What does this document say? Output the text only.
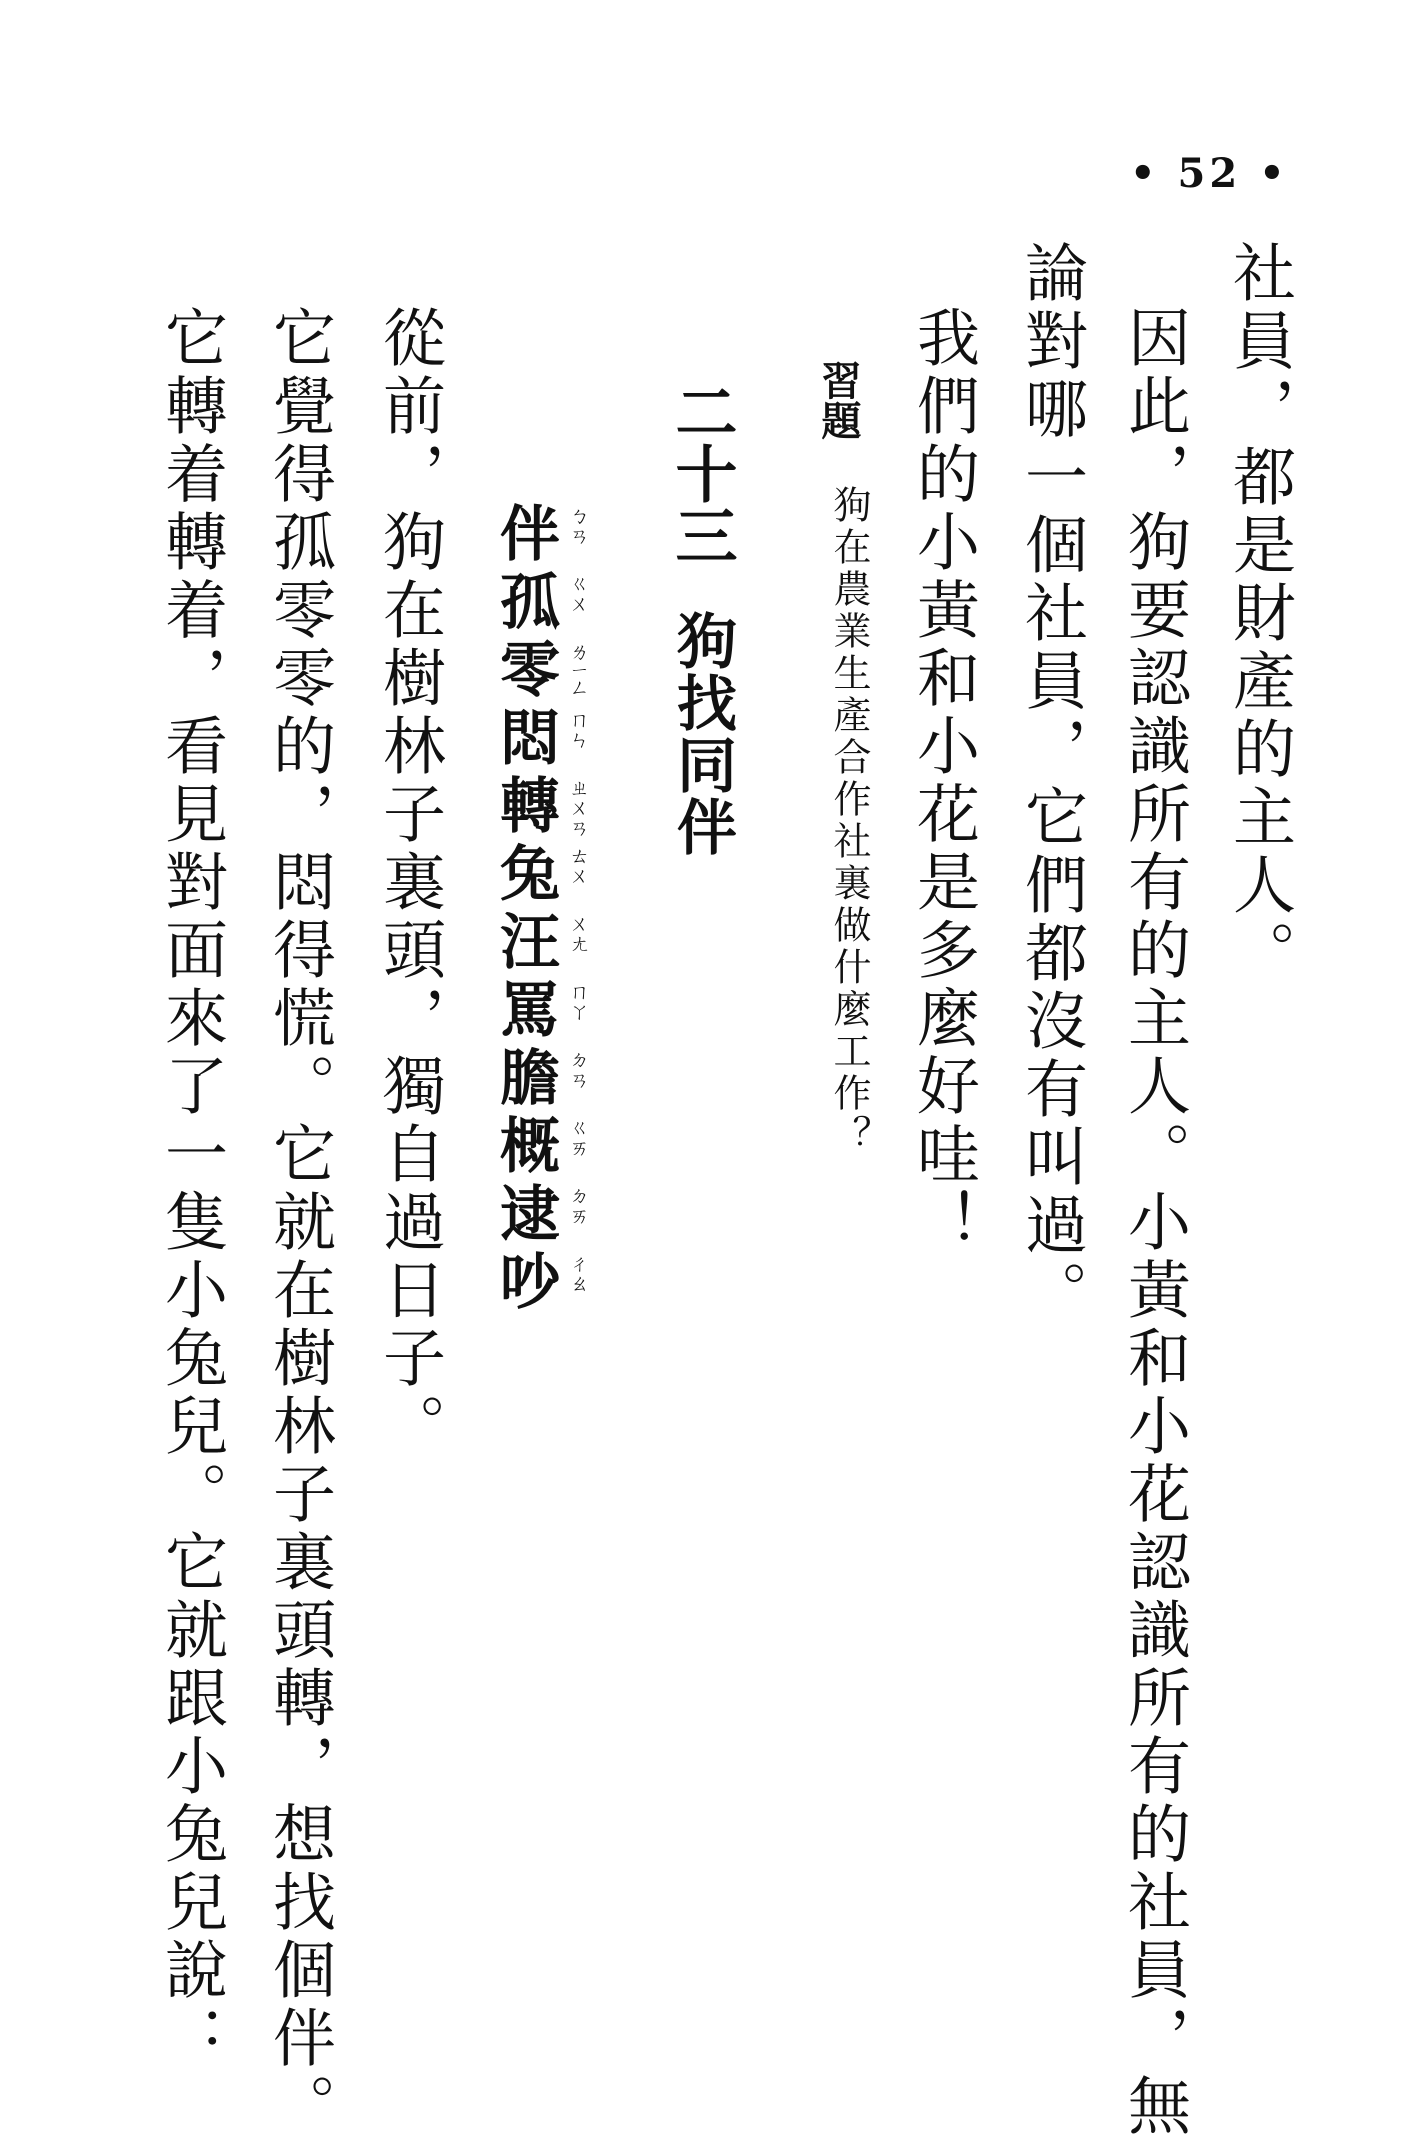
• 52 •
社員，都是財產的主人。
因此，狗要認識所有的主人。小黃和小花認識所有的社員，無
論對哪一個社員，它們都沒有叫過。
我們的小黃和小花是多麼好哇！
習題
狗在農業生產合作社裏做什麼工作？
二十三
狗找同伴
伴 ㄅㄢ
孤 ㄍㄨ
零 ㄌㄧㄥ
悶 ㄇㄣ
轉 ㄓㄨㄢ
兔 ㄊㄨ
汪 ㄨㄤ
罵 ㄇㄚ
膽 ㄉㄢ
概 ㄍㄞ
逮 ㄉㄞ
吵 ㄔㄠ
從前，狗在樹林子裏頭，獨自過日子。
它覺得孤零零的，悶得慌。它就在樹林子裏頭轉，想找個伴。
它轉着轉着，看見對面來了一隻小兔兒。它就跟小兔兒說：
